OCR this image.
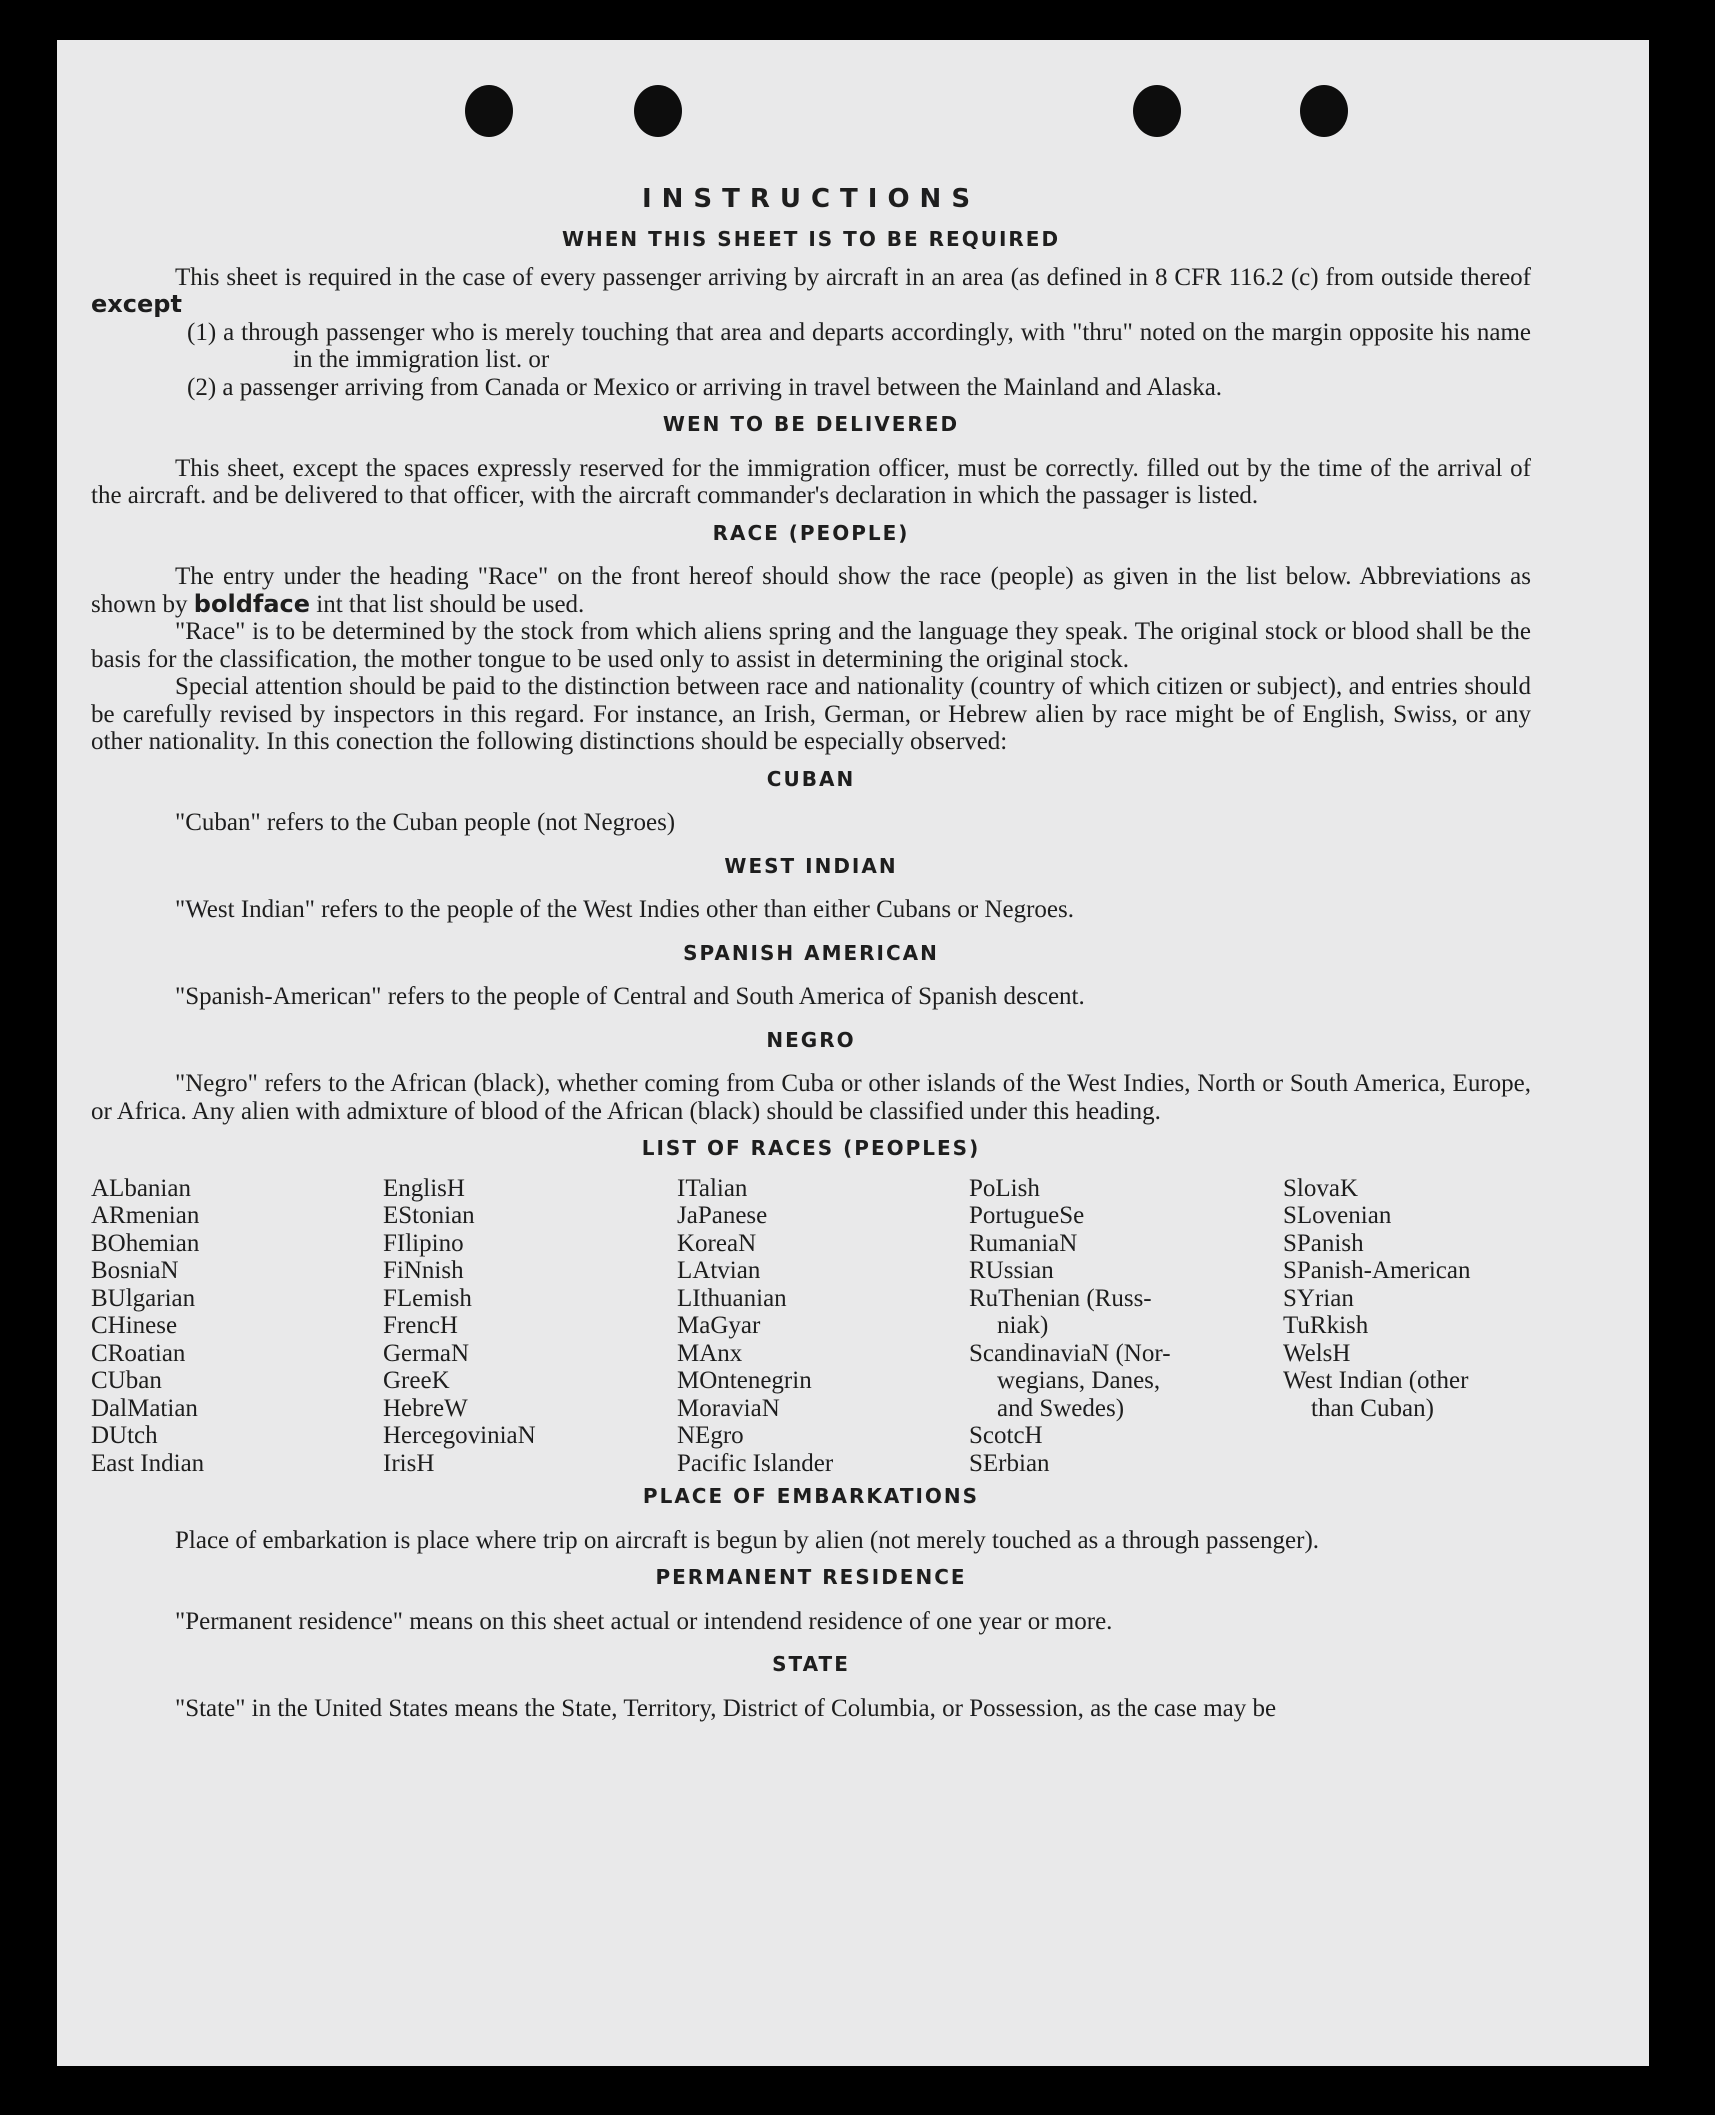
INSTRUCTIONS
WHEN THIS SHEET IS TO BE REQUIRED

This sheet is required in the case of every passenger arriving by aircraft in an area (as defined in 8 CFR 116.2 (c) from outside thereof except

(1) a through passenger who is merely touching that area and departs accordingly, with "thru" noted on the margin opposite his name in the immigration list. or

(2) a passenger arriving from Canada or Mexico or arriving in travel between the Mainland and Alaska.

WEN TO BE DELIVERED

This sheet, except the spaces expressly reserved for the immigration officer, must be correctly. filled out by the time of the arrival of the aircraft. and be delivered to that officer, with the aircraft commander's declaration in which the passager is listed.

RACE (PEOPLE)

The entry under the heading "Race" on the front hereof should show the race (people) as given in the list below. Abbreviations as shown by boldface int that list should be used.

"Race" is to be determined by the stock from which aliens spring and the language they speak. The original stock or blood shall be the basis for the classification, the mother tongue to be used only to assist in determining the original stock.

Special attention should be paid to the distinction between race and nationality (country of which citizen or subject), and entries should be carefully revised by inspectors in this regard. For instance, an Irish, German, or Hebrew alien by race might be of English, Swiss, or any other nationality. In this conection the following distinctions should be especially observed:

CUBAN

"Cuban" refers to the Cuban people (not Negroes)

WEST INDIAN

"West Indian" refers to the people of the West Indies other than either Cubans or Negroes.

SPANISH AMERICAN

"Spanish-American" refers to the people of Central and South America of Spanish descent.

NEGRO

"Negro" refers to the African (black), whether coming from Cuba or other islands of the West Indies, North or South America, Europe, or Africa. Any alien with admixture of blood of the African (black) should be classified under this heading.

LIST OF RACES (PEOPLES)
ALbanian
ARmenian
BOhemian
BosniaN
BUlgarian
CHinese
CRoatian
CUban
DalMatian
DUtch
East Indian
EnglisH
EStonian
FIlipino
FiNnish
FLemish
FrencH
GermaN
GreeK
HebreW
HercegoviniaN
IrisH
ITalian
JaPanese
KoreaN
LAtvian
LIthuanian
MaGyar
MAnx
MOntenegrin
MoraviaN
NEgro
Pacific Islander
PoLish
PortugueSe
RumaniaN
RUssian
RuThenian (Russ-
niak)
ScandinaviaN (Nor-
wegians, Danes,
and Swedes)
ScotcH
SErbian
SlovaK
SLovenian
SPanish
SPanish-American
SYrian
TuRkish
WelsH
West Indian (other
than Cuban)
PLACE OF EMBARKATIONS

Place of embarkation is place where trip on aircraft is begun by alien (not merely touched as a through passenger).

PERMANENT RESIDENCE

"Permanent residence" means on this sheet actual or intendend residence of one year or more.

STATE

"State" in the United States means the State, Territory, District of Columbia, or Possession, as the case may be
